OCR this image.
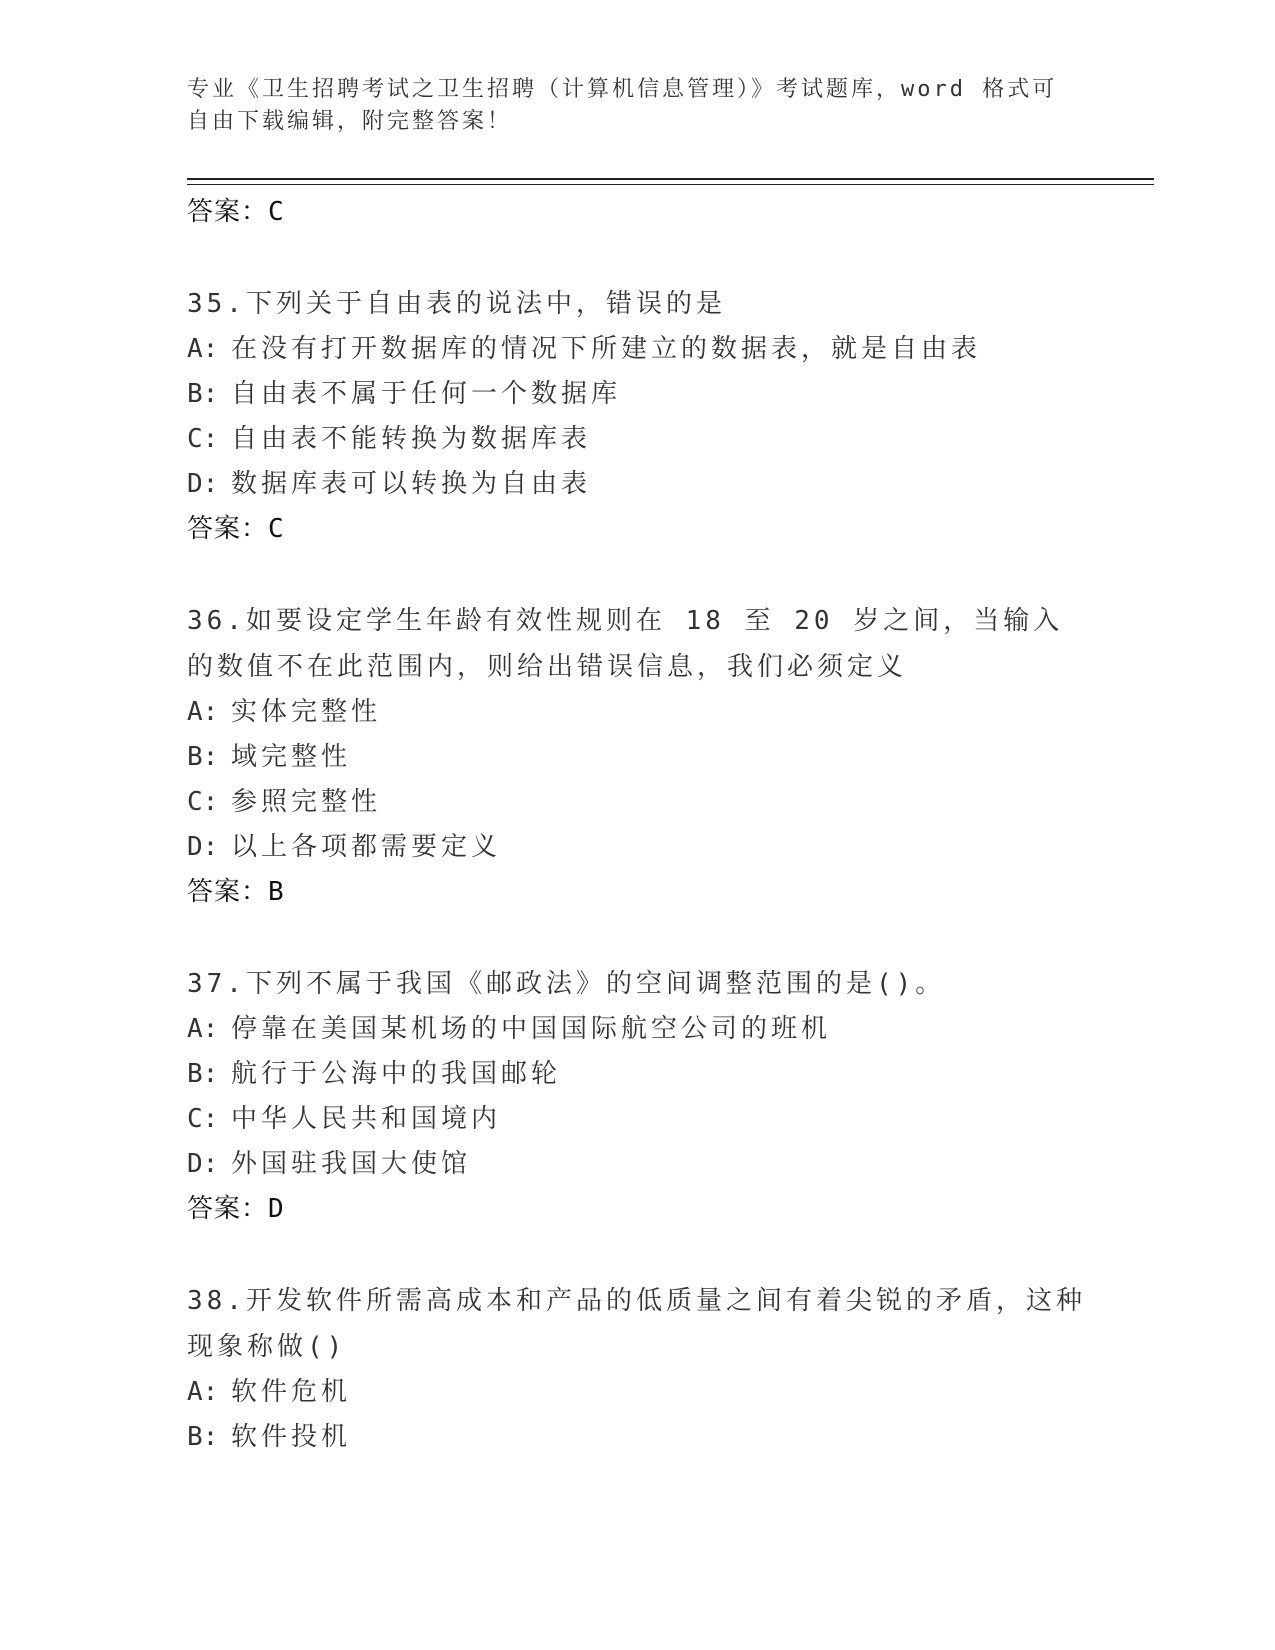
专业《卫生招聘考试之卫生招聘（计算机信息管理）》考试题库，word 格式可自由下载编辑，附完整答案！
答案：C
35.下列关于自由表的说法中，错误的是
A: 在没有打开数据库的情况下所建立的数据表，就是自由表
B: 自由表不属于任何一个数据库
C: 自由表不能转换为数据库表
D: 数据库表可以转换为自由表
答案：C
36.如要设定学生年龄有效性规则在 18 至 20 岁之间，当输入的数值不在此范围内，则给出错误信息，我们必须定义
A: 实体完整性
B: 域完整性
C: 参照完整性
D: 以上各项都需要定义
答案：B
37.下列不属于我国《邮政法》的空间调整范围的是()。
A: 停靠在美国某机场的中国国际航空公司的班机
B: 航行于公海中的我国邮轮
C: 中华人民共和国境内
D: 外国驻我国大使馆
答案：D
38.开发软件所需高成本和产品的低质量之间有着尖锐的矛盾，这种现象称做()
A: 软件危机
B: 软件投机
